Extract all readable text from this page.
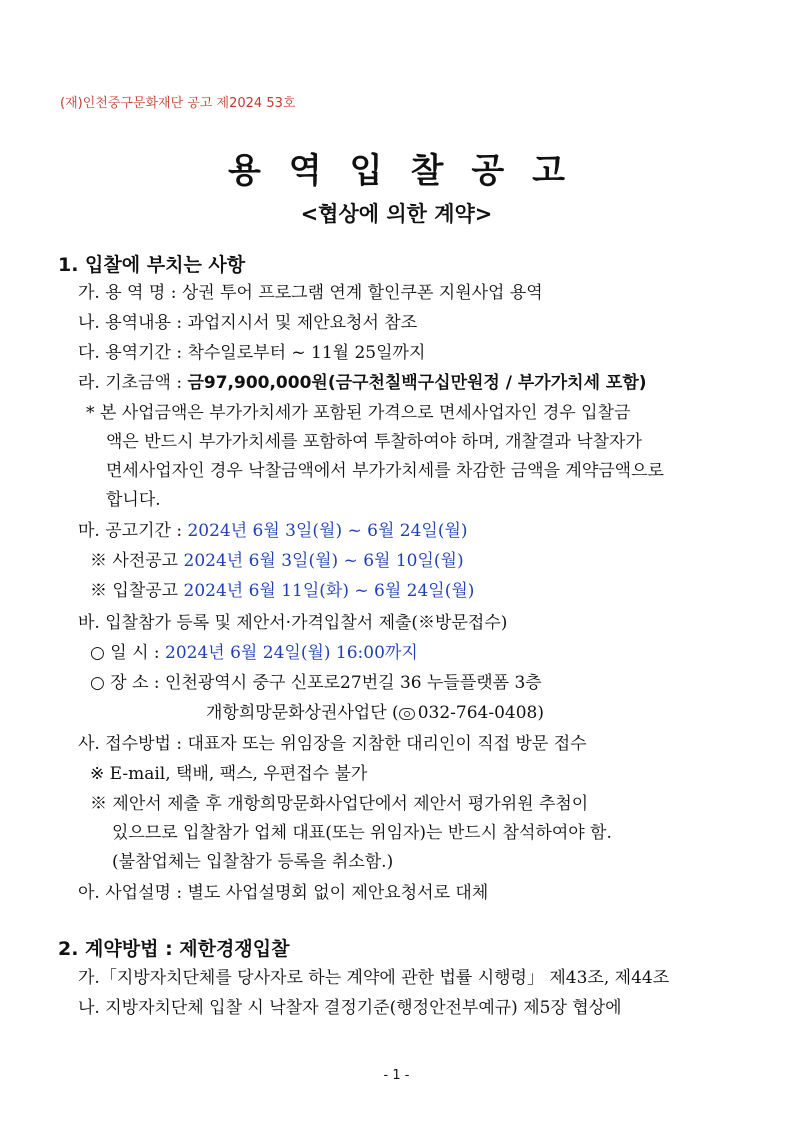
(재)인천중구문화재단 공고 제2024 53호
용역입찰공고
<협상에 의한 계약>
1. 입찰에 부치는 사항
가. 용 역 명 : 상권 투어 프로그램 연계 할인쿠폰 지원사업 용역
나. 용역내용 : 과업지시서 및 제안요청서 참조
다. 용역기간 : 착수일로부터 ~ 11월 25일까지
라. 기초금액 : 금97,900,000원(금구천칠백구십만원정 / 부가가치세 포함)
* 본 사업금액은 부가가치세가 포함된 가격으로 면세사업자인 경우 입찰금
액은 반드시 부가가치세를 포함하여 투찰하여야 하며, 개찰결과 낙찰자가
면세사업자인 경우 낙찰금액에서 부가가치세를 차감한 금액을 계약금액으로
합니다.
마. 공고기간 : 2024년 6월 3일(월) ~ 6월 24일(월)
※ 사전공고 2024년 6월 3일(월) ~ 6월 10일(월)
※ 입찰공고 2024년 6월 11일(화) ~ 6월 24일(월)
바. 입찰참가 등록 및 제안서·가격입찰서 제출(※방문접수)
○ 일 시 : 2024년 6월 24일(월) 16:00까지
○ 장 소 : 인천광역시 중구 신포로27번길 36 누들플랫폼 3층
개항희망문화상권사업단 ( 032-764-0408)
사. 접수방법 : 대표자 또는 위임장을 지참한 대리인이 직접 방문 접수
※ E-mail, 택배, 팩스, 우편접수 불가
※ 제안서 제출 후 개항희망문화사업단에서 제안서 평가위원 추첨이
있으므로 입찰참가 업체 대표(또는 위임자)는 반드시 참석하여야 함.
(불참업체는 입찰참가 등록을 취소함.)
아. 사업설명 : 별도 사업설명회 없이 제안요청서로 대체
2. 계약방법 : 제한경쟁입찰
가.「지방자치단체를 당사자로 하는 계약에 관한 법률 시행령」 제43조, 제44조
나. 지방자치단체 입찰 시 낙찰자 결정기준(행정안전부예규) 제5장 협상에
- 1 -
